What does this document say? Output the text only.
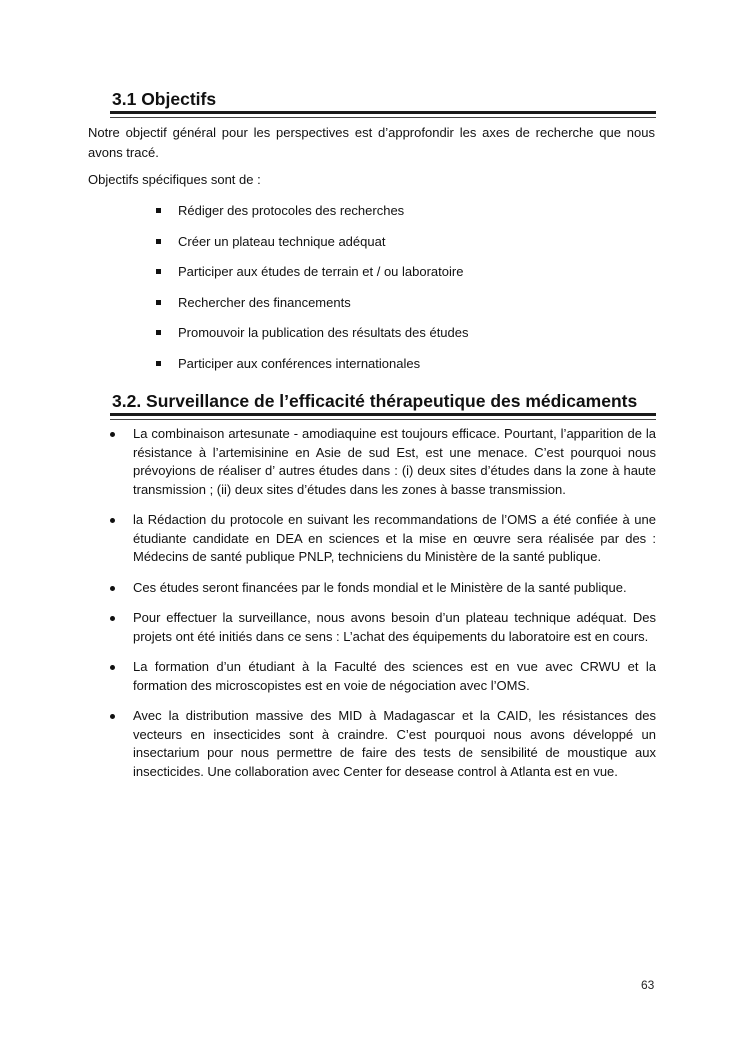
3.1 Objectifs

Notre objectif général pour les perspectives est d’approfondir les axes de recherche que nous avons tracé.

Objectifs spécifiques sont de :

Rédiger des protocoles des recherches
Créer un plateau technique adéquat
Participer aux études de terrain et / ou laboratoire
Rechercher des financements
Promouvoir la publication des résultats des études
Participer aux conférences internationales
3.2. Surveillance de l’efficacité thérapeutique des médicaments
La combinaison artesunate - amodiaquine est toujours efficace. Pourtant, l’apparition de la résistance à l’artemisinine en Asie de sud Est, est une menace. C’est pourquoi nous prévoyions de réaliser d’ autres études dans : (i) deux sites d’études dans la zone à haute transmission ; (ii) deux sites d’études dans les zones à basse transmission.
la Rédaction du protocole en suivant les recommandations de l’OMS a été confiée à une étudiante candidate en DEA en sciences et la mise en œuvre sera réalisée par des : Médecins de santé publique PNLP, techniciens du Ministère de la santé publique.
Ces études seront financées par le fonds mondial et le Ministère de la santé publique.
Pour effectuer la surveillance, nous avons besoin d’un plateau technique adéquat. Des projets ont été initiés dans ce sens : L’achat des équipements du laboratoire est en cours.
La formation d’un étudiant à la Faculté des sciences est en vue avec CRWU et la formation des microscopistes est en voie de négociation avec l’OMS.
Avec la distribution massive des MID à Madagascar et la CAID, les résistances des vecteurs en insecticides sont à craindre. C’est pourquoi nous avons développé un insectarium pour nous permettre de faire des tests de sensibilité de moustique aux insecticides. Une collaboration avec Center for desease control à Atlanta est en vue.
63
